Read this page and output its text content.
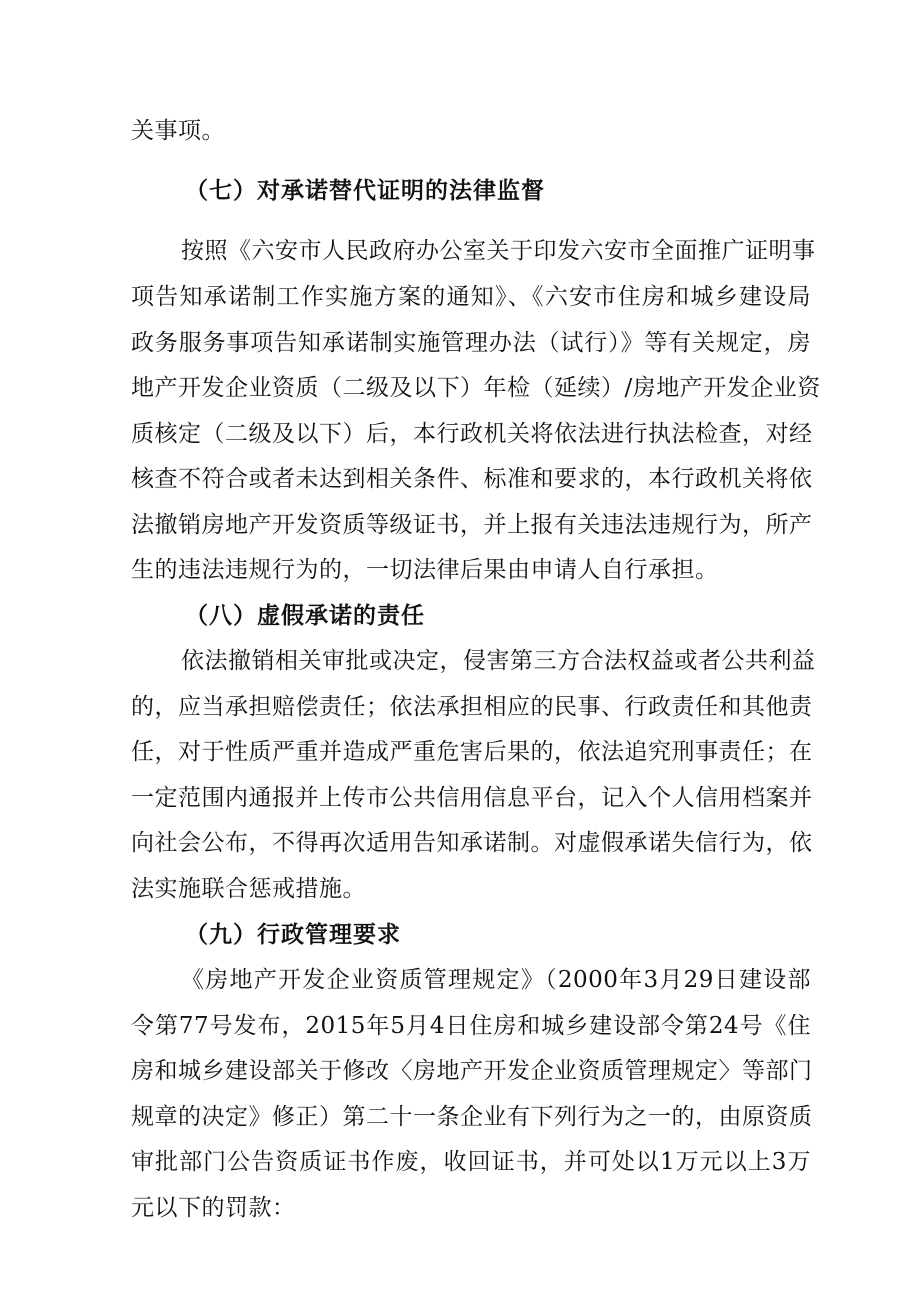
关事项。
（七）对承诺替代证明的法律监督
按照《六安市人民政府办公室关于印发六安市全面推广证明事
项告知承诺制工作实施方案的通知》、《六安市住房和城乡建设局
政务服务事项告知承诺制实施管理办法（试行）》等有关规定，房
地产开发企业资质（二级及以下）年检（延续）/房地产开发企业资
质核定（二级及以下）后，本行政机关将依法进行执法检查，对经
核查不符合或者未达到相关条件、标准和要求的，本行政机关将依
法撤销房地产开发资质等级证书，并上报有关违法违规行为，所产
生的违法违规行为的，一切法律后果由申请人自行承担。
（八）虚假承诺的责任
依法撤销相关审批或决定，侵害第三方合法权益或者公共利益
的，应当承担赔偿责任；依法承担相应的民事、行政责任和其他责
任，对于性质严重并造成严重危害后果的，依法追究刑事责任；在
一定范围内通报并上传市公共信用信息平台，记入个人信用档案并
向社会公布，不得再次适用告知承诺制。对虚假承诺失信行为，依
法实施联合惩戒措施。
（九）行政管理要求
《房地产开发企业资质管理规定》（2000年3月29日建设部
令第77号发布，2015年5月4日住房和城乡建设部令第24号《住
房和城乡建设部关于修改〈房地产开发企业资质管理规定〉等部门
规章的决定》修正）第二十一条企业有下列行为之一的，由原资质
审批部门公告资质证书作废，收回证书，并可处以1万元以上3万
元以下的罚款：
